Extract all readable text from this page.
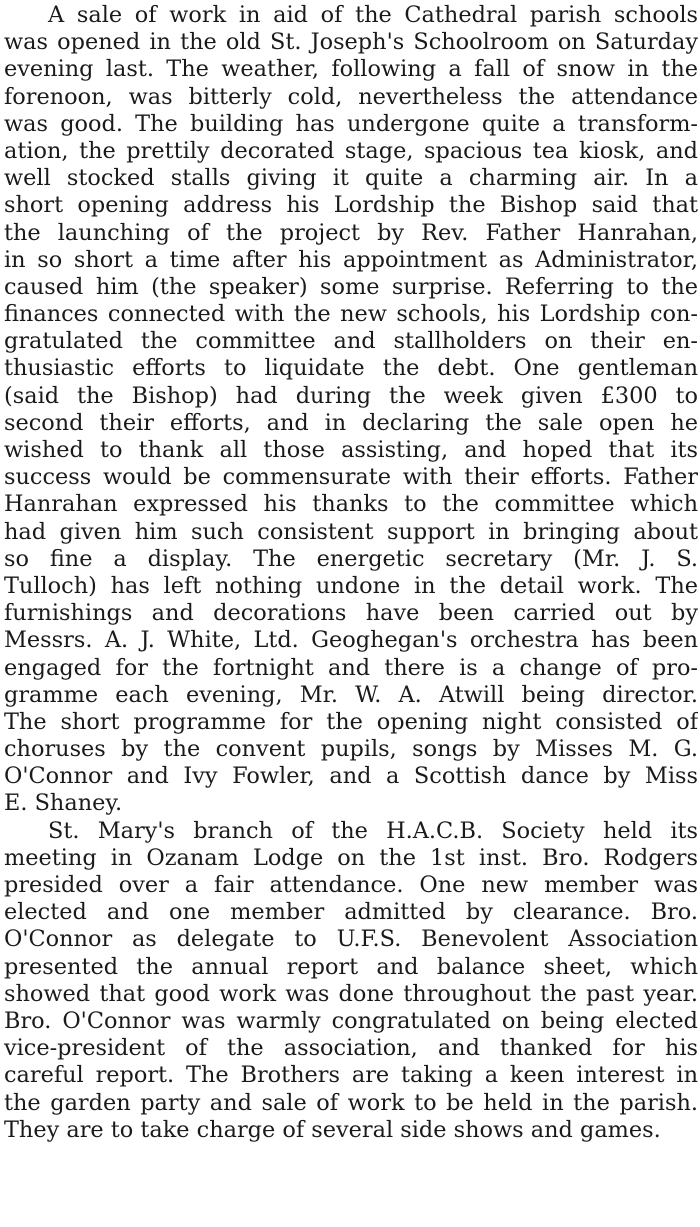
A sale of work in aid of the Cathedral parish schools
was opened in the old St. Joseph's Schoolroom on Saturday
evening last. The weather, following a fall of snow in the
forenoon, was bitterly cold, nevertheless the attendance
was good. The building has undergone quite a transform-
ation, the prettily decorated stage, spacious tea kiosk, and
well stocked stalls giving it quite a charming air. In a
short opening address his Lordship the Bishop said that
the launching of the project by Rev. Father Hanrahan,
in so short a time after his appointment as Administrator,
caused him (the speaker) some surprise. Referring to the
finances connected with the new schools, his Lordship con-
gratulated the committee and stallholders on their en-
thusiastic efforts to liquidate the debt. One gentleman
(said the Bishop) had during the week given £300 to
second their efforts, and in declaring the sale open he
wished to thank all those assisting, and hoped that its
success would be commensurate with their efforts. Father
Hanrahan expressed his thanks to the committee which
had given him such consistent support in bringing about
so fine a display. The energetic secretary (Mr. J. S.
Tulloch) has left nothing undone in the detail work. The
furnishings and decorations have been carried out by
Messrs. A. J. White, Ltd. Geoghegan's orchestra has been
engaged for the fortnight and there is a change of pro-
gramme each evening, Mr. W. A. Atwill being director.
The short programme for the opening night consisted of
choruses by the convent pupils, songs by Misses M. G.
O'Connor and Ivy Fowler, and a Scottish dance by Miss
E. Shaney.
St. Mary's branch of the H.A.C.B. Society held its
meeting in Ozanam Lodge on the 1st inst. Bro. Rodgers
presided over a fair attendance. One new member was
elected and one member admitted by clearance. Bro.
O'Connor as delegate to U.F.S. Benevolent Association
presented the annual report and balance sheet, which
showed that good work was done throughout the past year.
Bro. O'Connor was warmly congratulated on being elected
vice-president of the association, and thanked for his
careful report. The Brothers are taking a keen interest in
the garden party and sale of work to be held in the parish.
They are to take charge of several side shows and games.
